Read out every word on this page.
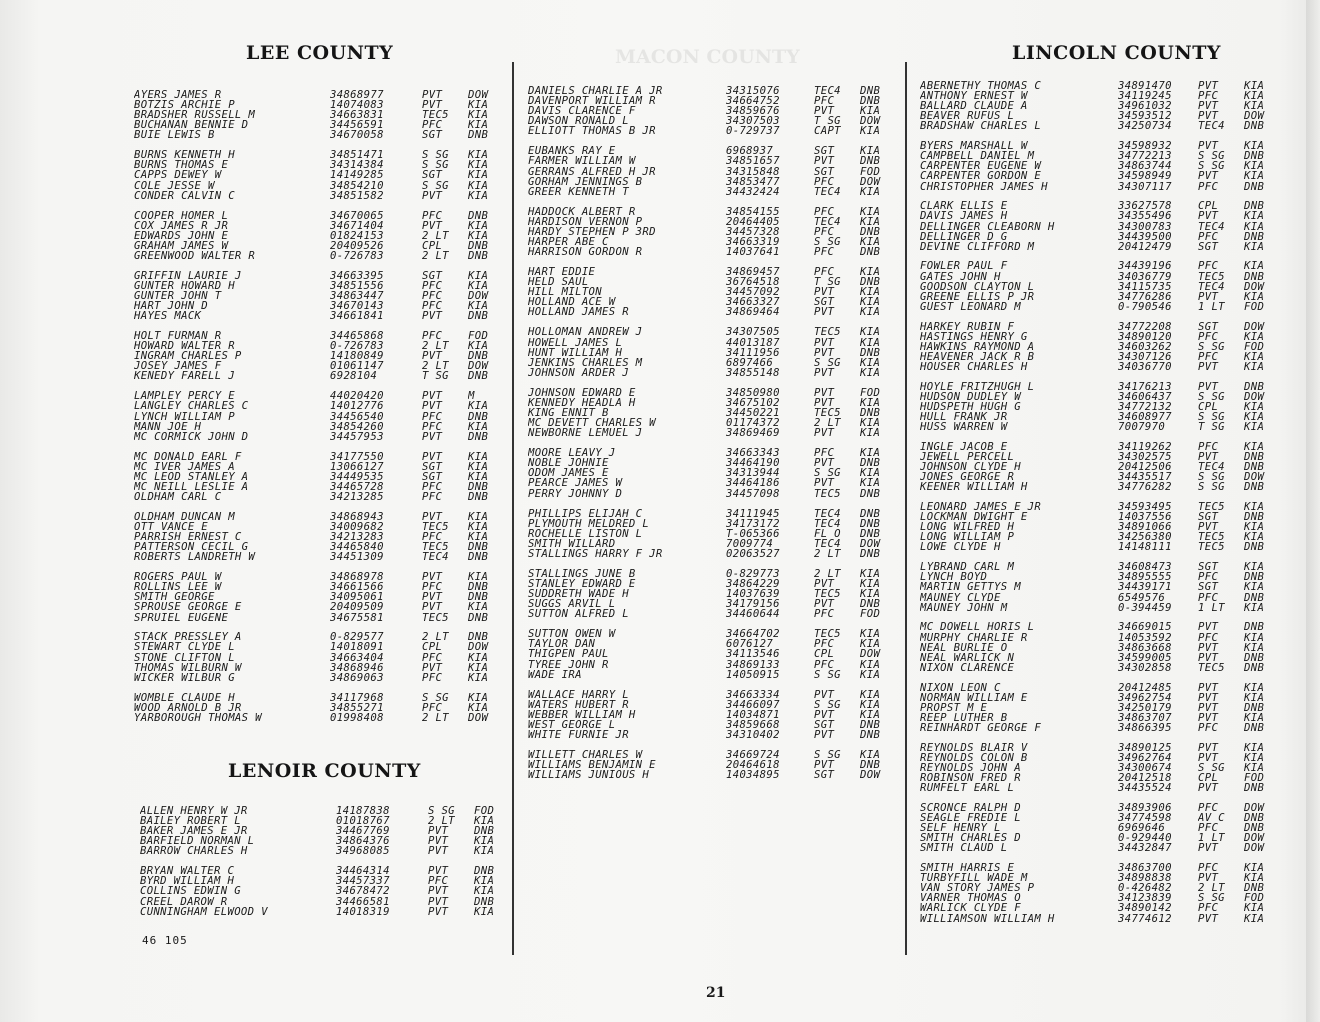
MACON COUNTY
LEE COUNTY
AYERS JAMES R	34868977	PVT	DOW
BOTZIS ARCHIE P	14074083	PVT	KIA
BRADSHER RUSSELL M	34663831	TEC5	KIA
BUCHANAN BENNIE D	34456591	PFC	KIA
BUIE LEWIS B	34670058	SGT	DNB
BURNS KENNETH H	34851471	S SG	KIA
BURNS THOMAS E	34314384	S SG	KIA
CAPPS DEWEY W	14149285	SGT	KIA
COLE JESSE W	34854210	S SG	KIA
CONDER CALVIN C	34851582	PVT	KIA
COOPER HOMER L	34670065	PFC	DNB
COX JAMES R JR	34671404	PVT	KIA
EDWARDS JOHN E	01824153	2 LT	KIA
GRAHAM JAMES W	20409526	CPL	DNB
GREENWOOD WALTER R	0-726783	2 LT	DNB
GRIFFIN LAURIE J	34663395	SGT	KIA
GUNTER HOWARD H	34851556	PFC	KIA
GUNTER JOHN T	34863447	PFC	DOW
HART JOHN D	34670143	PFC	KIA
HAYES MACK	34661841	PVT	DNB
HOLT FURMAN R	34465868	PFC	FOD
HOWARD WALTER R	0-726783	2 LT	KIA
INGRAM CHARLES P	14180849	PVT	DNB
JOSEY JAMES F	01061147	2 LT	DOW
KENEDY FARELL J	6928104	T SG	DNB
LAMPLEY PERCY E	44020420	PVT	M
LANGLEY CHARLES C	14012776	PVT	KIA
LYNCH WILLIAM P	34456540	PFC	DNB
MANN JOE H	34854260	PFC	KIA
MC CORMICK JOHN D	34457953	PVT	DNB
MC DONALD EARL F	34177550	PVT	KIA
MC IVER JAMES A	13066127	SGT	KIA
MC LEOD STANLEY A	34449535	SGT	KIA
MC NEILL LESLIE A	34465728	PFC	DNB
OLDHAM CARL C	34213285	PFC	DNB
OLDHAM DUNCAN M	34868943	PVT	KIA
OTT VANCE E	34009682	TEC5	KIA
PARRISH ERNEST C	34213283	PFC	KIA
PATTERSON CECIL G	34465840	TEC5	DNB
ROBERTS LANDRETH W	34451309	TEC4	DNB
ROGERS PAUL W	34868978	PVT	KIA
ROLLINS LEE W	34661566	PFC	DNB
SMITH GEORGE	34095061	PVT	DNB
SPROUSE GEORGE E	20409509	PVT	KIA
SPRUIEL EUGENE	34675581	TEC5	DNB
STACK PRESSLEY A	0-829577	2 LT	DNB
STEWART CLYDE L	14018091	CPL	DOW
STONE CLIFTON L	34663404	PFC	KIA
THOMAS WILBURN W	34868946	PVT	KIA
WICKER WILBUR G	34869063	PFC	KIA
WOMBLE CLAUDE H	34117968	S SG	KIA
WOOD ARNOLD B JR	34855271	PFC	KIA
YARBOROUGH THOMAS W	01998408	2 LT	DOW
LENOIR COUNTY
ALLEN HENRY W JR	14187838	S SG	FOD
BAILEY ROBERT L	01018767	2 LT	KIA
BAKER JAMES E JR	34467769	PVT	DNB
BARFIELD NORMAN L	34864376	PVT	KIA
BARROW CHARLES H	34968085	PVT	KIA
BRYAN WALTER C	34464314	PVT	DNB
BYRD WILLIAM H	34457337	PFC	KIA
COLLINS EDWIN G	34678472	PVT	KIA
CREEL DAROW R	34466581	PVT	DNB
CUNNINGHAM ELWOOD V	14018319	PVT	KIA
DANIELS CHARLIE A JR	34315076	TEC4	DNB
DAVENPORT WILLIAM R	34664752	PFC	DNB
DAVIS CLARENCE F	34859676	PVT	KIA
DAWSON RONALD L	34307503	T SG	DOW
ELLIOTT THOMAS B JR	0-729737	CAPT	KIA
EUBANKS RAY E	6968937	SGT	KIA
FARMER WILLIAM W	34851657	PVT	DNB
GERRANS ALFRED H JR	34315848	SGT	FOD
GORHAM JENNINGS B	34853477	PFC	DOW
GREER KENNETH T	34432424	TEC4	KIA
HADDOCK ALBERT R	34854155	PFC	KIA
HARDISON VERNON P	20464405	TEC4	KIA
HARDY STEPHEN P 3RD	34457328	PFC	DNB
HARPER ABE C	34663319	S SG	KIA
HARRISON GORDON R	14037641	PFC	DNB
HART EDDIE	34869457	PFC	KIA
HELD SAUL	36764518	T SG	DNB
HILL MILTON	34457092	PVT	KIA
HOLLAND ACE W	34663327	SGT	KIA
HOLLAND JAMES R	34869464	PVT	KIA
HOLLOMAN ANDREW J	34307505	TEC5	KIA
HOWELL JAMES L	44013187	PVT	KIA
HUNT WILLIAM H	34111956	PVT	DNB
JENKINS CHARLES M	6897466	S SG	KIA
JOHNSON ARDER J	34855148	PVT	KIA
JOHNSON EDWARD E	34850980	PVT	FOD
KENNEDY HEADLA H	34675102	PVT	KIA
KING ENNIT B	34450221	TEC5	DNB
MC DEVETT CHARLES W	01174372	2 LT	KIA
NEWBORNE LEMUEL J	34869469	PVT	KIA
MOORE LEAVY J	34663343	PFC	KIA
NOBLE JOHNIE	34464190	PVT	DNB
ODOM JAMES E	34313944	S SG	KIA
PEARCE JAMES W	34464186	PVT	KIA
PERRY JOHNNY D	34457098	TEC5	DNB
PHILLIPS ELIJAH C	34111945	TEC4	DNB
PLYMOUTH MELDRED L	34173172	TEC4	DNB
ROCHELLE LISTON L	T-065366	FL O	DNB
SMITH WILLARD	7009774	TEC4	DOW
STALLINGS HARRY F JR	02063527	2 LT	DNB
STALLINGS JUNE B	0-829773	2 LT	KIA
STANLEY EDWARD E	34864229	PVT	KIA
SUDDRETH WADE H	14037639	TEC5	KIA
SUGGS ARVIL L	34179156	PVT	DNB
SUTTON ALFRED L	34460644	PFC	FOD
SUTTON OWEN W	34664702	TEC5	KIA
TAYLOR DAN	6076127	PFC	KIA
THIGPEN PAUL	34113546	CPL	DOW
TYREE JOHN R	34869133	PFC	KIA
WADE IRA	14050915	S SG	KIA
WALLACE HARRY L	34663334	PVT	KIA
WATERS HUBERT R	34466097	S SG	KIA
WEBBER WILLIAM H	14034871	PVT	KIA
WEST GEORGE L	34859668	SGT	DNB
WHITE FURNIE JR	34310402	PVT	DNB
WILLETT CHARLES W	34669724	S SG	KIA
WILLIAMS BENJAMIN E	20464618	PVT	DNB
WILLIAMS JUNIOUS H	14034895	SGT	DOW
LINCOLN COUNTY
ABERNETHY THOMAS C	34891470	PVT	KIA
ANTHONY ERNEST W	34119245	PFC	KIA
BALLARD CLAUDE A	34961032	PVT	KIA
BEAVER RUFUS L	34593512	PVT	DOW
BRADSHAW CHARLES L	34250734	TEC4	DNB
BYERS MARSHALL W	34598932	PVT	KIA
CAMPBELL DANIEL M	34772213	S SG	DNB
CARPENTER EUGENE W	34863744	S SG	KIA
CARPENTER GORDON E	34598949	PVT	KIA
CHRISTOPHER JAMES H	34307117	PFC	DNB
CLARK ELLIS E	33627578	CPL	DNB
DAVIS JAMES H	34355496	PVT	KIA
DELLINGER CLEABORN H	34300783	TEC4	KIA
DELLINGER D G	34439500	PFC	DNB
DEVINE CLIFFORD M	20412479	SGT	KIA
FOWLER PAUL F	34439196	PFC	KIA
GATES JOHN H	34036779	TEC5	DNB
GOODSON CLAYTON L	34115735	TEC4	DOW
GREENE ELLIS P JR	34776286	PVT	KIA
GUEST LEONARD M	0-790546	1 LT	FOD
HARKEY RUBIN F	34772208	SGT	DOW
HASTINGS HENRY G	34890120	PFC	KIA
HAWKINS RAYMOND A	34603262	S SG	FOD
HEAVENER JACK R B	34307126	PFC	KIA
HOUSER CHARLES H	34036770	PVT	KIA
HOYLE FRITZHUGH L	34176213	PVT	DNB
HUDSON DUDLEY W	34606437	S SG	DOW
HUDSPETH HUGH G	34772132	CPL	KIA
HULL FRANK JR	34608977	S SG	KIA
HUSS WARREN W	7007970	T SG	KIA
INGLE JACOB E	34119262	PFC	KIA
JEWELL PERCELL	34302575	PVT	DNB
JOHNSON CLYDE H	20412506	TEC4	DNB
JONES GEORGE R	34435517	S SG	DOW
KEENER WILLIAM H	34776282	S SG	DNB
LEONARD JAMES E JR	34593495	TEC5	KIA
LOCKMAN DWIGHT E	14037556	SGT	DNB
LONG WILFRED H	34891066	PVT	KIA
LONG WILLIAM P	34256380	TEC5	KIA
LOWE CLYDE H	14148111	TEC5	DNB
LYBRAND CARL M	34608473	SGT	KIA
LYNCH BOYD	34895555	PFC	DNB
MARTIN GETTYS M	34439171	SGT	KIA
MAUNEY CLYDE	6549576	PFC	DNB
MAUNEY JOHN M	0-394459	1 LT	KIA
MC DOWELL HORIS L	34669015	PVT	DNB
MURPHY CHARLIE R	14053592	PFC	KIA
NEAL BURLIE O	34863668	PVT	KIA
NEAL WARLICK N	34599005	PVT	DNB
NIXON CLARENCE	34302858	TEC5	DNB
NIXON LEON C	20412485	PVT	KIA
NORMAN WILLIAM E	34962754	PVT	KIA
PROPST M E	34250179	PVT	DNB
REEP LUTHER B	34863707	PVT	KIA
REINHARDT GEORGE F	34866395	PFC	DNB
REYNOLDS BLAIR V	34890125	PVT	KIA
REYNOLDS COLON B	34962764	PVT	KIA
REYNOLDS JOHN A	34300674	S SG	KIA
ROBINSON FRED R	20412518	CPL	FOD
RUMFELT EARL L	34435524	PVT	DNB
SCRONCE RALPH D	34893906	PFC	DOW
SEAGLE FREDIE L	34774598	AV C	DNB
SELF HENRY L	6969646	PFC	DNB
SMITH CHARLES D	0-929440	1 LT	DOW
SMITH CLAUD L	34432847	PVT	DOW
SMITH HARRIS E	34863700	PFC	KIA
TURBYFILL WADE M	34898838	PVT	KIA
VAN STORY JAMES P	0-426482	2 LT	DNB
VARNER THOMAS O	34123839	S SG	FOD
WARLICK CLYDE F	34890142	PFC	KIA
WILLIAMSON WILLIAM H	34774612	PVT	KIA
46 105
21
